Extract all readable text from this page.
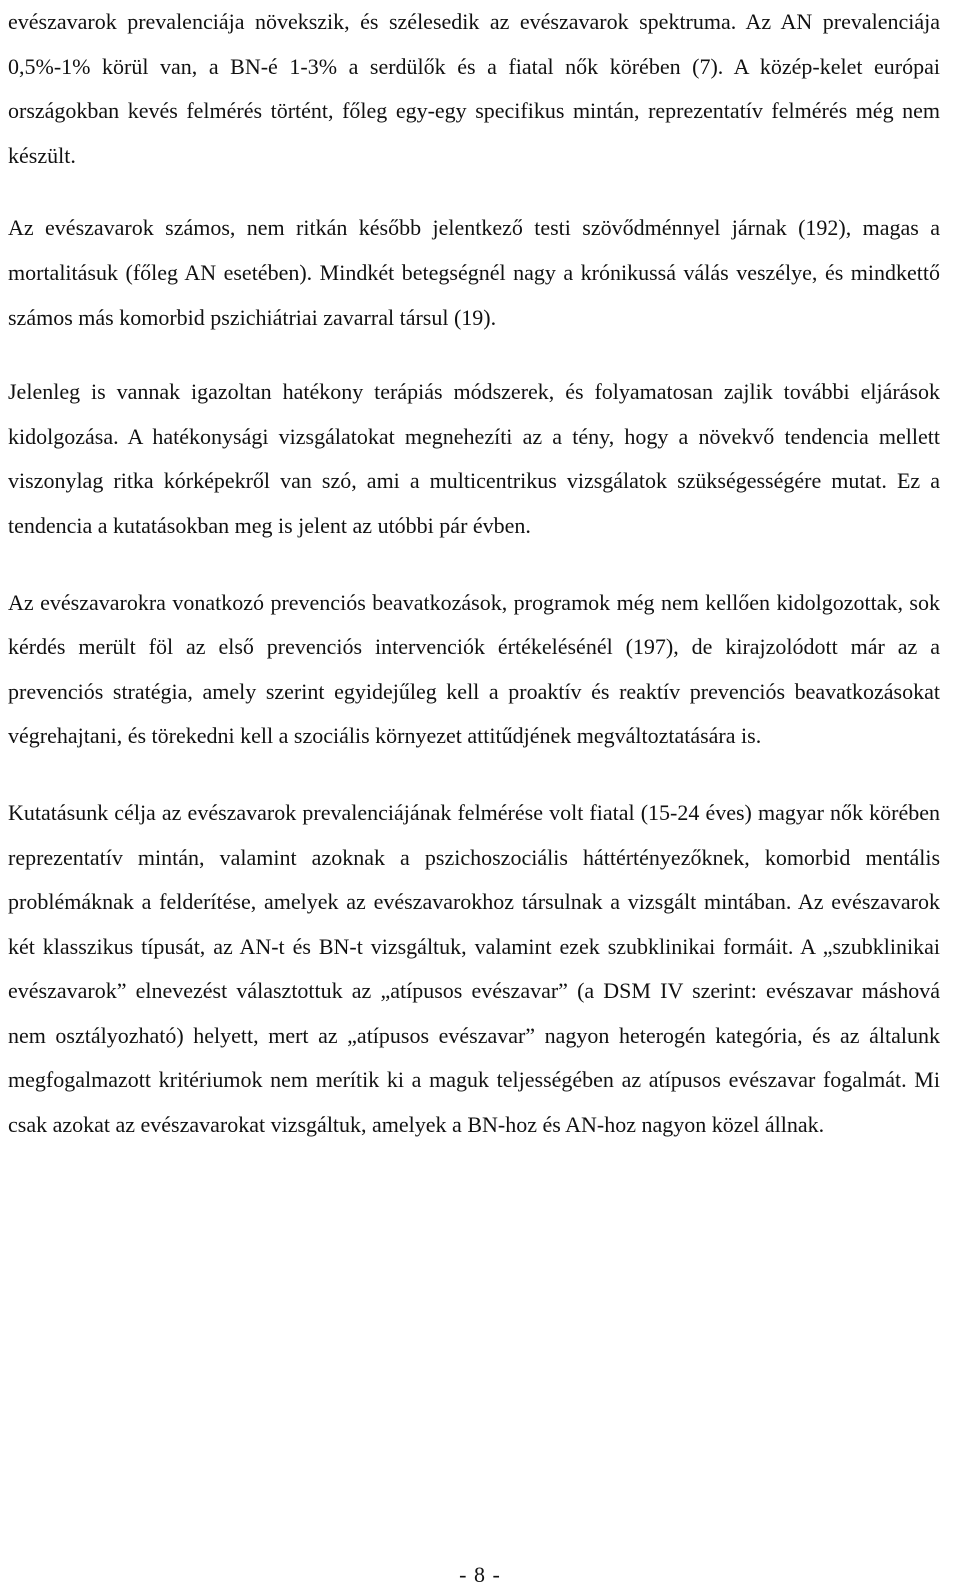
evészavarok prevalenciája növekszik, és szélesedik az evészavarok spektruma. Az AN prevalenciája 0,5%-1% körül van, a BN-é 1-3% a serdülők és a fiatal nők körében (7). A közép-kelet európai országokban kevés felmérés történt, főleg egy-egy specifikus mintán, reprezentatív felmérés még nem készült.

Az evészavarok számos, nem ritkán később jelentkező testi szövődménnyel járnak (192), magas a mortalitásuk (főleg AN esetében). Mindkét betegségnél nagy a krónikussá válás veszélye, és mindkettő számos más komorbid pszichiátriai zavarral társul (19).

Jelenleg is vannak igazoltan hatékony terápiás módszerek, és folyamatosan zajlik további eljárások kidolgozása. A hatékonysági vizsgálatokat megnehezíti az a tény, hogy a növekvő tendencia mellett viszonylag ritka kórképekről van szó, ami a multicentrikus vizsgálatok szükségességére mutat. Ez a tendencia a kutatásokban meg is jelent az utóbbi pár évben.

Az evészavarokra vonatkozó prevenciós beavatkozások, programok még nem kellően kidolgozottak, sok kérdés merült föl az első prevenciós intervenciók értékelésénél (197), de kirajzolódott már az a prevenciós stratégia, amely szerint egyidejűleg kell a proaktív és reaktív prevenciós beavatkozásokat végrehajtani, és törekedni kell a szociális környezet attitűdjének megváltoztatására is.

Kutatásunk célja az evészavarok prevalenciájának felmérése volt fiatal (15-24 éves) magyar nők körében reprezentatív mintán, valamint azoknak a pszichoszociális háttértényezőknek, komorbid mentális problémáknak a felderítése, amelyek az evészavarokhoz társulnak a vizsgált mintában. Az evészavarok két klasszikus típusát, az AN-t és BN-t vizsgáltuk, valamint ezek szubklinikai formáit. A „szubklinikai evészavarok” elnevezést választottuk az „atípusos evészavar” (a DSM IV szerint: evészavar máshová nem osztályozható) helyett, mert az „atípusos evészavar” nagyon heterogén kategória, és az általunk megfogalmazott kritériumok nem merítik ki a maguk teljességében az atípusos evészavar fogalmát. Mi csak azokat az evészavarokat vizsgáltuk, amelyek a BN-hoz és AN-hoz nagyon közel állnak.

- 8 -
